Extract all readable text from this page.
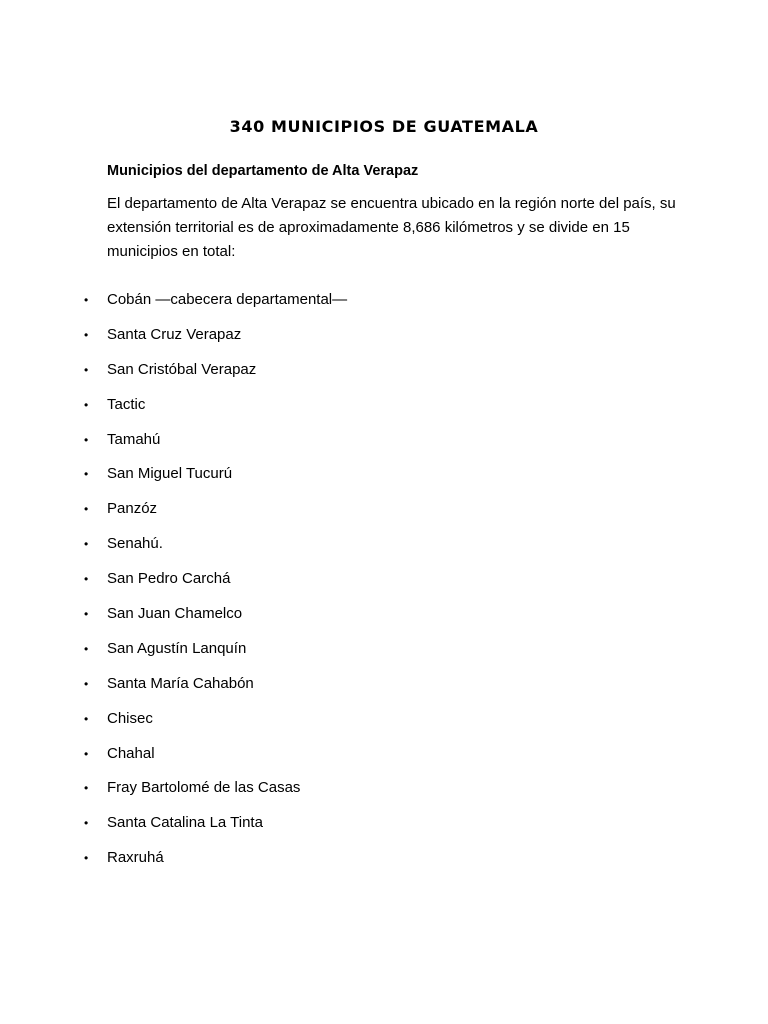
340 MUNICIPIOS DE GUATEMALA
Municipios del departamento de Alta Verapaz

El departamento de Alta Verapaz se encuentra ubicado en la región norte del país, su extensión territorial es de aproximadamente 8,686 kilómetros y se divide en 15 municipios en total:

• Cobán —cabecera departamental—
• Santa Cruz Verapaz
• San Cristóbal Verapaz
• Tactic
• Tamahú
• San Miguel Tucurú
• Panzóz
• Senahú.
• San Pedro Carchá
• San Juan Chamelco
• San Agustín Lanquín
• Santa María Cahabón
• Chisec
• Chahal
• Fray Bartolomé de las Casas
• Santa Catalina La Tinta
• Raxruhá
